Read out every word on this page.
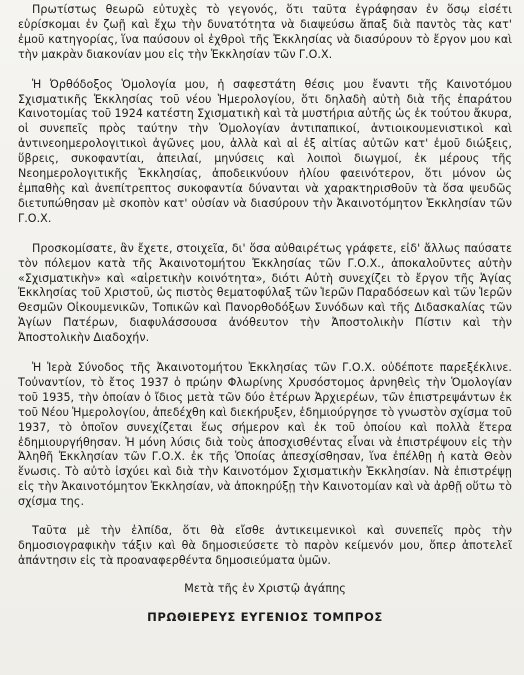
Πρωτίστως θεωρῶ εὐτυχὲς τὸ γεγονός, ὅτι ταῦτα ἐγράφησαν ἐν ὅσῳ εἰσέτι εὑρίσκομαι ἐν ζωῇ καὶ ἔχω τὴν δυνατότητα νὰ διαψεύσω ἅπαξ διὰ παντὸς τὰς κατ' ἐμοῦ κατηγορίας, ἵνα παύσουν οἱ ἐχθροὶ τῆς Ἐκκλησίας νὰ διασύρουν τὸ ἔργον μου καὶ τὴν μακρὰν διακονίαν μου εἰς τὴν Ἐκκλησίαν τῶν Γ.Ο.Χ.

Ἡ Ὀρθόδοξος Ὁμολογία μου, ἡ σαφεστάτη θέσις μου ἔναντι τῆς Καινοτόμου Σχισματικῆς Ἐκκλησίας τοῦ νέου Ἡμερολογίου, ὅτι δηλαδὴ αὐτὴ διὰ τῆς ἐπαράτου Καινοτομίας τοῦ 1924 κατέστη Σχισματικὴ καὶ τὰ μυστήρια αὐτῆς ὡς ἐκ τούτου ἄκυρα, οἱ συνεπεῖς πρὸς ταύτην τὴν Ὁμολογίαν ἀντιπαπικοί, ἀντιοικουμενιστικοὶ καὶ ἀντινεοημερολογιτικοὶ ἀγῶνες μου, ἀλλὰ καὶ αἱ ἐξ αἰτίας αὐτῶν κατ' ἐμοῦ διώξεις, ὕβρεις, συκοφαντίαι, ἀπειλαί, μηνύσεις καὶ λοιποὶ διωγμοί, ἐκ μέρους τῆς Νεοημερολογιτικῆς Ἐκκλησίας, ἀποδεικνύουν ἡλίου φαεινότερον, ὅτι μόνον ὡς ἐμπαθὴς καὶ ἀνεπίτρεπτος συκοφαντία δύνανται νὰ χαρακτηρισθοῦν τὰ ὅσα ψευδῶς διετυπώθησαν μὲ σκοπὸν κατ' οὐσίαν νὰ διασύρουν τὴν Ἀκαινοτόμητον Ἐκκλησίαν τῶν Γ.Ο.Χ.

Προσκομίσατε, ἂν ἔχετε, στοιχεῖα, δι' ὅσα αὐθαιρέτως γράφετε, εἰδ' ἄλλως παύσατε τὸν πόλεμον κατὰ τῆς Ἀκαινοτομήτου Ἐκκλησίας τῶν Γ.Ο.Χ., ἀποκαλοῦντες αὐτὴν «Σχισματικὴν» καὶ «αἱρετικὴν κοινότητα», διότι Αὐτὴ συνεχίζει τὸ ἔργον τῆς Ἁγίας Ἐκκλησίας τοῦ Χριστοῦ, ὡς πιστὸς θεματοφύλαξ τῶν Ἱερῶν Παραδόσεων καὶ τῶν Ἱερῶν Θεσμῶν Οἰκουμενικῶν, Τοπικῶν καὶ Πανορθοδόξων Συνόδων καὶ τῆς Διδασκαλίας τῶν Ἁγίων Πατέρων, διαφυλάσσουσα ἀνόθευτον τὴν Ἀποστολικὴν Πίστιν καὶ τὴν Ἀποστολικὴν Διαδοχήν.

Ἡ Ἱερὰ Σύνοδος τῆς Ἀκαινοτομήτου Ἐκκλησίας τῶν Γ.Ο.Χ. οὐδέποτε παρεξέκλινε. Τοὐναντίον, τὸ ἔτος 1937 ὁ πρώην Φλωρίνης Χρυσόστομος ἀρνηθεὶς τὴν Ὁμολογίαν τοῦ 1935, τὴν ὁποίαν ὁ ἴδιος μετὰ τῶν δύο ἑτέρων Ἀρχιερέων, τῶν ἐπιστρεψάντων ἐκ τοῦ Νέου Ἡμερολογίου, ἀπεδέχθη καὶ διεκήρυξεν, ἐδημιούργησε τὸ γνωστὸν σχίσμα τοῦ 1937, τὸ ὁποῖον συνεχίζεται ἕως σήμερον καὶ ἐκ τοῦ ὁποίου καὶ πολλὰ ἕτερα ἐδημιουργήθησαν. Ἡ μόνη λύσις διὰ τοὺς ἀποσχισθέντας εἶναι νὰ ἐπιστρέψουν εἰς τὴν Ἀληθῆ Ἐκκλησίαν τῶν Γ.Ο.Χ. ἐκ τῆς Ὁποίας ἀπεσχίσθησαν, ἵνα ἐπέλθῃ ἡ κατὰ Θεὸν ἕνωσις. Τὸ αὐτὸ ἰσχύει καὶ διὰ τὴν Καινοτόμον Σχισματικὴν Ἐκκλησίαν. Νὰ ἐπιστρέψῃ εἰς τὴν Ἀκαινοτόμητον Ἐκκλησίαν, νὰ ἀποκηρύξῃ τὴν Καινοτομίαν καὶ νὰ ἀρθῇ οὕτω τὸ σχίσμα της.

Ταῦτα μὲ τὴν ἐλπίδα, ὅτι θὰ εἴσθε ἀντικειμενικοὶ καὶ συνεπεῖς πρὸς τὴν δημοσιογραφικὴν τάξιν καὶ θὰ δημοσιεύσετε τὸ παρὸν κείμενόν μου, ὅπερ ἀποτελεῖ ἀπάντησιν εἰς τὰ προαναφερθέντα δημοσιεύματα ὑμῶν.

Μετὰ τῆς ἐν Χριστῷ ἀγάπης

ΠΡΩΘΙΕΡΕΥΣ ΕΥΓΕΝΙΟΣ ΤΟΜΠΡΟΣ
